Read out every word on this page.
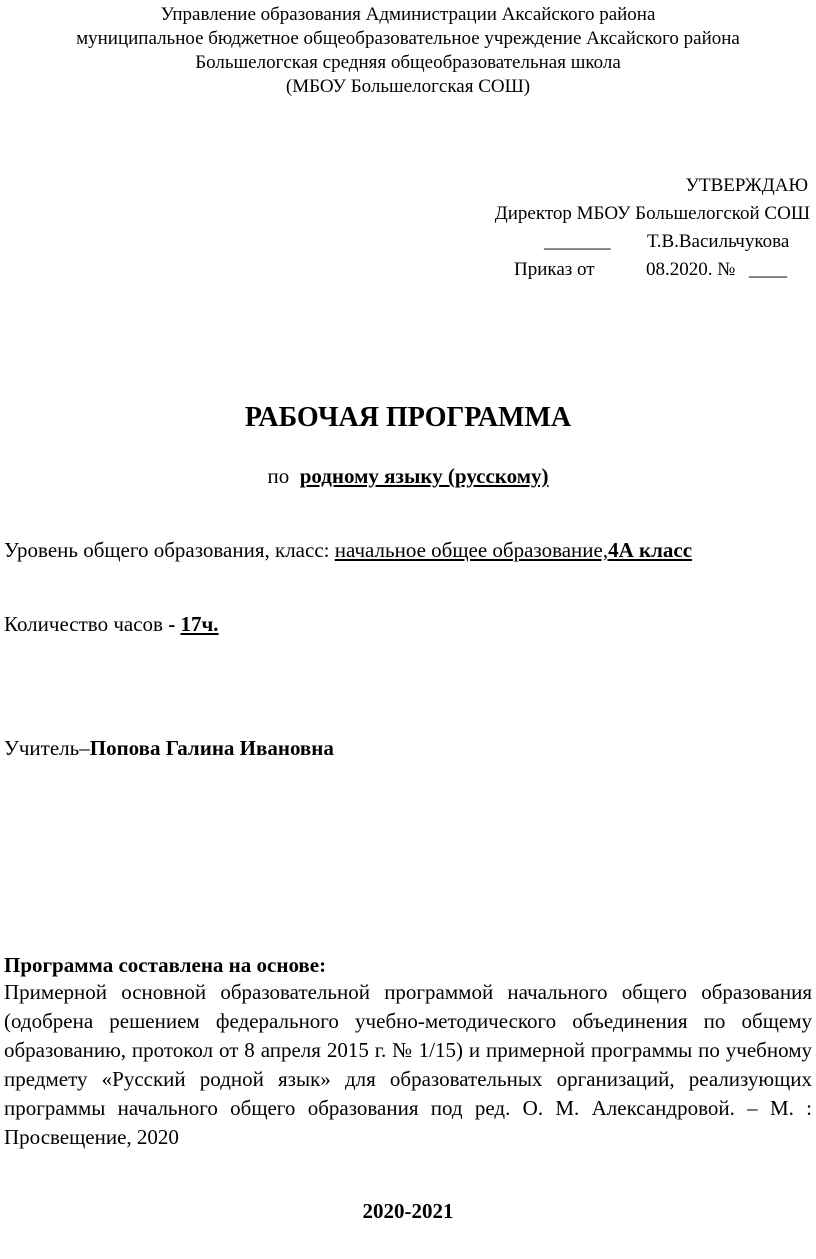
Управление образования Администрации Аксайского района
муниципальное бюджетное общеобразовательное учреждение Аксайского района
Большелогская средняя общеобразовательная школа
(МБОУ Большелогская СОШ)
УТВЕРЖДАЮ
Директор МБОУ Большелогской СОШ
_______ Т.В.Васильчукова
Приказ от	08.2020. № ____
РАБОЧАЯ ПРОГРАММА
по родному языку (русскому)
Уровень общего образования, класс: начальное общее образование,4А класс
Количество часов - 17ч.
Учитель–Попова Галина Ивановна
Программа составлена на основе:
Примерной основной образовательной программой начального общего образования (одобрена решением федерального учебно-методического объединения по общему образованию, протокол от 8 апреля 2015 г. № 1/15) и примерной программы по учебному предмету «Русский родной язык» для образовательных организаций, реализующих программы начального общего образования под ред. О. М. Александровой. – М. : Просвещение, 2020
2020-2021
